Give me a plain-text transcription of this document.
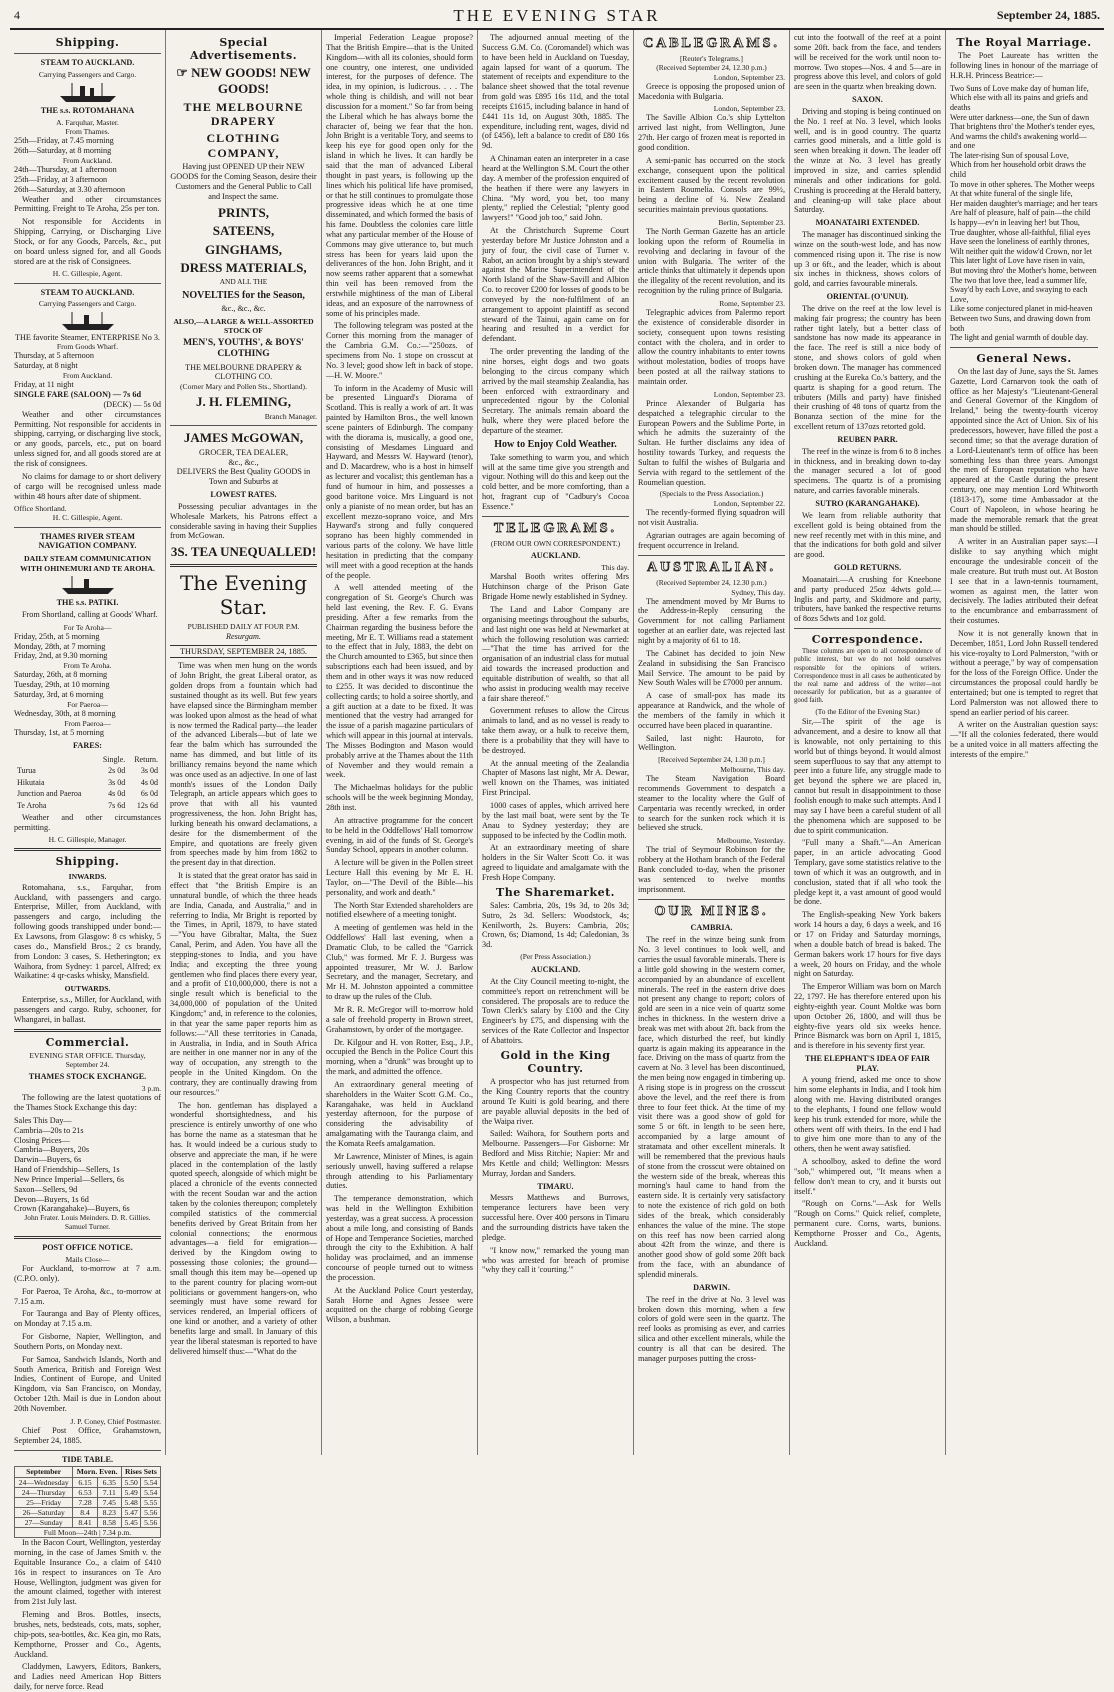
4	THE EVENING STAR	September 24, 1885.
Shipping.
STEAM TO AUCKLAND.
Carrying Passengers and Cargo.
THE s.s. ROTOMAHANA
A. Farquhar, Master.
From Thames.
25th—Friday, at 7.45 morning
26th—Saturday, at 8 morning
From Auckland.
24th—Thursday, at 1 afternoon
25th—Friday, at 3 afternoon
26th—Saturday, at 3.30 afternoon

Weather and other circumstances Permitting. Freight to Te Aroha, 25s per ton.

Not responsible for Accidents in Shipping, Carrying, or Discharging Live Stock, or for any Goods, Parcels, &c., put on board unless signed for, and all Goods stored are at the risk of Consignees.

H. C. Gillespie, Agent.
STEAM TO AUCKLAND.
Carrying Passengers and Cargo.
THE favorite Steamer, ENTERPRISE No 3.
From Goods Wharf.
Thursday, at 5 afternoon
Saturday, at 8 night
From Auckland.
Friday, at 11 night
SINGLE FARE (SALOON) — 7s 6d
(DECK) — 5s 0d

Weather and other circumstances Permitting. Not responsible for accidents in shipping, carrying, or discharging live stock, or any goods, parcels, etc., put on board unless signed for, and all goods stored are at the risk of consignees.

No claims for damage to or short delivery of cargo will be recognised unless made within 48 hours after date of shipment.

Office Shortland.
H. C. Gillespie, Agent.
THAMES RIVER STEAM NAVIGATION COMPANY.
DAILY STEAM COMMUNICATION WITH OHINEMURI AND TE AROHA.
THE s.s. PATIKI.

From Shortland, calling at Goods' Wharf.

For Te Aroha—
Friday, 25th, at 5 morning
Monday, 28th, at 7 morning
Friday, 2nd, at 9.30 morning
From Te Aroha.
Saturday, 26th, at 8 morning
Tuesday, 29th, at 10 morning
Saturday, 3rd, at 6 morning
For Paeroa—
Wednesday, 30th, at 8 morning
From Paeroa—
Thursday, 1st, at 5 morning
FARES:
	Single.	Return.
Turua	2s 0d	3s 0d
Hikutaia	3s 0d	4s 0d
Junction and Paeroa	4s 0d	6s 0d
Te Aroha	7s 6d	12s 6d

Weather and other circumstances permitting.

H. C. Gillespie, Manager.
Shipping.
INWARDS.

Rotomahana, s.s., Farquhar, from Auckland, with passengers and cargo. Enterprise, Miller, from Auckland, with passengers and cargo, including the following goods transhipped under bond:—Ex Lawsons, from Glasgow: 8 cs whisky, 5 cases do., Mansfield Bros.; 2 cs brandy, from London: 3 cases, S. Hetherington; ex Waihora, from Sydney: 1 parcel, Alfred; ex Waikatine: 4 qr-casks whisky, Mansfield.

OUTWARDS.

Enterprise, s.s., Miller, for Auckland, with passengers and cargo. Ruby, schooner, for Whangarei, in ballast.

Commercial.
EVENING STAR OFFICE. Thursday, September 24.
THAMES STOCK EXCHANGE.
3 p.m.

The following are the latest quotations of the Thames Stock Exchange this day:

Sales This Day—
Cambria—20s to 21s
Closing Prices—
Cambria—Buyers, 20s
Darwin—Buyers, 6s
Hand of Friendship—Sellers, 1s
New Prince Imperial—Sellers, 6s
Saxon—Sellers, 9d
Devon—Buyers, 1s 6d
Crown (Karangahake)—Buyers, 6s
John Frater. Louis Meinders. D. R. Gillies. Samuel Turner.
POST OFFICE NOTICE.
Mails Close—

For Auckland, to-morrow at 7 a.m. (C.P.O. only).

For Paeroa, Te Aroha, &c., to-morrow at 7.15 a.m.

For Tauranga and Bay of Plenty offices, on Monday at 7.15 a.m.

For Gisborne, Napier, Wellington, and Southern Ports, on Monday next.

For Samoa, Sandwich Islands, North and South America, British and Foreign West Indies, Continent of Europe, and United Kingdom, via San Francisco, on Monday, October 12th. Mail is due in London about 20th November.

J. P. Coney, Chief Postmaster.

Chief Post Office, Grahamstown, September 24, 1885.

TIDE TABLE.
September	Morn. Even.		Rises Sets	
24—Wednesday	6.15	6.35	5.50	5.54
24—Thursday	6.53	7.11	5.49	5.54
25—Friday	7.28	7.45	5.48	5.55
26—Saturday	8.4	8.23	5.47	5.56
27—Sunday	8.41	8.58	5.45	5.56
Full Moon—24th | 7.34 p.m.				

In the Bacon Court, Wellington, yesterday morning, in the case of James Smith v. the Equitable Insurance Co., a claim of £410 16s in respect to insurances on Te Aro House, Wellington, judgment was given for the amount claimed, together with interest from 21st July last.

Fleming and Bros. Bottles, insects, brushes, nets, bedsteads, cots, mats, sopher, chip-pots, sea-bottles, &c. Kea gin, mo Rats, Kempthorne, Prosser and Co., Agents, Auckland.

Claddymen, Lawyers, Editors, Bankers, and Ladies need American Hop Bitters daily, for nerve force. Read

Special Advertisements.
☞ NEW GOODS! NEW GOODS!
THE MELBOURNE DRAPERY
CLOTHING COMPANY,
Having just OPENED UP their NEW
GOODS for the Coming Season, desire their Customers and the General Public to Call and Inspect the same.
PRINTS,
SATEENS,
GINGHAMS,
DRESS MATERIALS,
AND ALL THE
NOVELTIES for the Season,
&c., &c., &c.
ALSO,—A LARGE & WELL-ASSORTED STOCK OF
MEN'S, YOUTHS', & BOYS' CLOTHING
THE MELBOURNE DRAPERY & CLOTHING CO.
(Corner Mary and Pollen Sts., Shortland).
J. H. FLEMING,
Branch Manager.
JAMES McGOWAN,
GROCER, TEA DEALER,
&c., &c.,
DELIVERS the Best Quality GOODS in Town and Suburbs at
LOWEST RATES.

Possessing peculiar advantages in the Wholesale Markets, his Patrons effect a considerable saving in having their Supplies from McGowan.

3S. TEA UNEQUALLED!
The Evening Star.
PUBLISHED DAILY AT FOUR P.M.
Resurgam.
THURSDAY, SEPTEMBER 24, 1885.

Time was when men hung on the words of John Bright, the great Liberal orator, as golden drops from a fountain which had sustained thought as its well. But few years have elapsed since the Birmingham member was looked upon almost as the head of what is now termed the Radical party—the leader of the advanced Liberals—but of late we fear the balm which has surrounded the name has dimmed, and but little of its brilliancy remains beyond the name which was once used as an adjective. In one of last month's issues of the London Daily Telegraph, an article appears which goes to prove that with all his vaunted progressiveness, the hon. John Bright has, lurking beneath his onward declamations, a desire for the dismemberment of the Empire, and quotations are freely given from speeches made by him from 1862 to the present day in that direction.

It is stated that the great orator has said in effect that "the British Empire is an unnatural bundle, of which the three heads are India, Canada, and Australia," and in referring to India, Mr Bright is reported by the Times, in April, 1879, to have stated—"You have Gibraltar, Malta, the Suez Canal, Perim, and Aden. You have all the stepping-stones to India, and you have India; and excepting the three young gentlemen who find places there every year, and a profit of £10,000,000, there is not a single result which is beneficial to the 34,000,000 of population of the United Kingdom;" and, in reference to the colonies, in that year the same paper reports him as follows:—"All these territories in Canada, in Australia, in India, and in South Africa are neither in one manner nor in any of the way of occupation, any strength to the people in the United Kingdom. On the contrary, they are continually drawing from our resources."

The hon. gentleman has displayed a wonderful shortsightedness, and his prescience is entirely unworthy of one who has borne the name as a statesman that he has. It would indeed be a curious study to observe and appreciate the man, if he were placed in the contemplation of the lastly quoted speech, alongside of which might be placed a chronicle of the events connected with the recent Soudan war and the action taken by the colonies thereupon; completely compiled statistics of the commercial benefits derived by Great Britain from her colonial connections; the enormous advantages—a field for emigration—derived by the Kingdom owing to possessing those colonies; the ground—small though this item may be—opened up to the parent country for placing worn-out politicians or government hangers-on, who seemingly must have some reward for services rendered, an Imperial officers of one kind or another, and a variety of other benefits large and small. In January of this year the liberal statesman is reported to have delivered himself thus:—"What do the

Imperial Federation League propose? That the British Empire—that is the United Kingdom—with all its colonies, should form one country, one interest, one undivided interest, for the purposes of defence. The idea, in my opinion, is ludicrous. . . . The whole thing is childish, and will not bear discussion for a moment." So far from being the Liberal which he has always borne the character of, being we fear that the hon. John Bright is a veritable Tory, and seems to keep his eye for good open only for the island in which he lives. It can hardly be said that the man of advanced Liberal thought in past years, is following up the lines which his political life have promised, or that he still continues to promulgate those progressive ideas which he at one time disseminated, and which formed the basis of his fame. Doubtless the colonies care little what any particular member of the House of Commons may give utterance to, but much stress has been for years laid upon the deliverances of the hon. John Bright, and it now seems rather apparent that a somewhat thin veil has been removed from the erstwhile mightiness of the man of Liberal ideas, and an exposure of the narrowness of some of his principles made.

The following telegram was posted at the Corner this morning from the manager of the Cambria G.M. Co.:—"250ozs. of specimens from No. 1 stope on crosscut at No. 3 level; good show left in back of stope.—H. W. Moore."

To inform in the Academy of Music will be presented Linguard's Diorama of Scotland. This is really a work of art. It was painted by Hamilton Bros., the well known scene painters of Edinburgh. The company with the diorama is, musically, a good one, consisting of Mesdames Linguard and Hayward, and Messrs W. Hayward (tenor), and D. Macardrew, who is a host in himself as lecturer and vocalist; this gentleman has a fund of humour in him, and possesses a good baritone voice. Mrs Linguard is not only a pianiste of no mean order, but has an excellent mezzo-soprano voice, and Mrs Hayward's strong and fully conquered soprano has been highly commended in various parts of the colony. We have little hesitation in predicting that the company will meet with a good reception at the hands of the people.

A well attended meeting of the congregation of St. George's Church was held last evening, the Rev. F. G. Evans presiding. After a few remarks from the Chairman regarding the business before the meeting, Mr E. T. Williams read a statement to the effect that in July, 1883, the debt on the Church amounted to £365, but since then subscriptions each had been issued, and by them and in other ways it was now reduced to £255. It was decided to discontinue the collecting cards; to hold a soiree shortly, and a gift auction at a date to be fixed. It was mentioned that the vestry had arranged for the issue of a parish magazine particulars of which will appear in this journal at intervals. The Misses Bodington and Mason would probably arrive at the Thames about the 11th of November and they would remain a week.

The Michaelmas holidays for the public schools will be the week beginning Monday, 28th inst.

An attractive programme for the concert to be held in the Oddfellows' Hall tomorrow evening, in aid of the funds of St. George's Sunday School, appears in another column.

A lecture will be given in the Pollen street Lecture Hall this evening by Mr E. H. Taylor, on—"The Devil of the Bible—his personality, and work and death."

The North Star Extended shareholders are notified elsewhere of a meeting tonight.

A meeting of gentlemen was held in the Oddfellows' Hall last evening, when a Dramatic Club, to be called the "Garrick Club," was formed. Mr F. J. Burgess was appointed treasurer, Mr W. J. Barlow Secretary, and the manager, Secretary, and Mr H. M. Johnston appointed a committee to draw up the rules of the Club.

Mr R. R. McGregor will to-morrow hold a sale of freehold property in Brown street, Grahamstown, by order of the mortgagee.

Dr. Kilgour and H. von Rotter, Esq., J.P., occupied the Bench in the Police Court this morning, when a "drunk" was brought up to the mark, and admitted the offence.

An extraordinary general meeting of shareholders in the Waiter Scott G.M. Co., Karangahake, was held in Auckland yesterday afternoon, for the purpose of considering the advisability of amalgamating with the Tauranga claim, and the Komata Reefs amalgamation.

Mr Lawrence, Minister of Mines, is again seriously unwell, having suffered a relapse through attending to his Parliamentary duties.

The temperance demonstration, which was held in the Wellington Exhibition yesterday, was a great success. A procession about a mile long, and consisting of Bands of Hope and Temperance Societies, marched through the city to the Exhibition. A half holiday was proclaimed, and an immense concourse of people turned out to witness the procession.

At the Auckland Police Court yesterday, Sarah Horne and Agnes Jessee were acquitted on the charge of robbing George Wilson, a bushman.

The adjourned annual meeting of the Success G.M. Co. (Coromandel) which was to have been held in Auckland on Tuesday, again lapsed for want of a quorum. The statement of receipts and expenditure to the balance sheet showed that the total revenue from gold was £895 16s 11d, and the total receipts £1615, including balance in hand of £441 11s 1d, on August 30th, 1885. The expenditure, including rent, wages, divid nd (of £456), left a balance to credit of £80 16s 9d.

A Chinaman eaten an interpreter in a case heard at the Wellington S.M. Court the other day. A member of the profession enquired of the heathen if there were any lawyers in China. "My word, you bet, too many plenty," replied the Celestial; "plenty good lawyers!" "Good job too," said John.

At the Christchurch Supreme Court yesterday before Mr Justice Johnston and a jury of four, the civil case of Turner v. Rabot, an action brought by a ship's steward against the Marine Superintendent of the North Island of the Shaw-Savill and Albion Co. to recover £200 for losses of goods to be conveyed by the non-fulfilment of an arrangement to appoint plaintiff as second steward of the Tainui, again came on for hearing and resulted in a verdict for defendant.

The order preventing the landing of the nine horses, eight dogs and two goats belonging to the circus company which arrived by the mail steamship Zealandia, has been enforced with extraordinary and unprecedented rigour by the Colonial Secretary. The animals remain aboard the hulk, where they were placed before the departure of the steamer.

How to Enjoy Cold Weather.

Take something to warm you, and which will at the same time give you strength and vigour. Nothing will do this and keep out the cold better, and be more comforting, than a hot, fragrant cup of "Cadbury's Cocoa Essence."

TELEGRAMS.
(FROM OUR OWN CORRESPONDENT.)
AUCKLAND.
This day.

Marshal Booth writes offering Mrs Hutchinson charge of the Prison Gate Brigade Home newly established in Sydney.

The Land and Labor Company are organising meetings throughout the suburbs, and last night one was held at Newmarket at which the following resolution was carried:—"That the time has arrived for the organisation of an industrial class for mutual aid towards the increased production and equitable distribution of wealth, so that all who assist in producing wealth may receive a fair share thereof."

Government refuses to allow the Circus animals to land, and as no vessel is ready to take them away, or a hulk to receive them, there is a probability that they will have to be destroyed.

At the annual meeting of the Zealandia Chapter of Masons last night, Mr A. Dewar, well known on the Thames, was initiated First Principal.

1000 cases of apples, which arrived here by the last mail boat, were sent by the Te Anau to Sydney yesterday; they are supposed to be infected by the Codlin moth.

At an extraordinary meeting of share holders in the Sir Walter Scott Co. it was agreed to liquidate and amalgamate with the Fresh Hope Company.

The Sharemarket.

Sales: Cambria, 20s, 19s 3d, to 20s 3d; Sutro, 2s 3d. Sellers: Woodstock, 4s; Kenilworth, 2s. Buyers: Cambria, 20s; Crown, 6s; Diamond, 1s 4d; Caledonian, 3s 3d.

(Per Press Association.)
AUCKLAND.

At the City Council meeting to-night, the committee's report on retrenchment will be considered. The proposals are to reduce the Town Clerk's salary by £100 and the City Engineer's by £75, and dispensing with the services of the Rate Collector and Inspector of Abattoirs.

Gold in the King Country.

A prospector who has just returned from the King Country reports that the country around Te Kuiti is gold bearing, and there are payable alluvial deposits in the bed of the Waipa river.

Sailed: Waihora, for Southern ports and Melbourne. Passengers—For Gisborne: Mr Bedford and Miss Ritchie; Napier: Mr and Mrs Kettle and child; Wellington: Messrs Murray, Jordan and Sanders.

TIMARU.

Messrs Matthews and Burrows, temperance lecturers have been very successful here. Over 400 persons in Timaru and the surrounding districts have taken the pledge.

"I know now," remarked the young man who was arrested for breach of promise "why they call it 'courting.'"

CABLEGRAMS.
[Reuter's Telegrams.]
(Received September 24, 12.30 p.m.)
London, September 23.

Greece is opposing the proposed union of Macedonia with Bulgaria.

London, September 23.

The Saville Albion Co.'s ship Lyttelton arrived last night, from Wellington, June 27th. Her cargo of frozen meat is reported in good condition.

A semi-panic has occurred on the stock exchange, consequent upon the political excitement caused by the recent revolution in Eastern Roumelia. Consols are 99½, being a decline of ¼. New Zealand securities maintain previous quotations.

Berlin, September 23.

The North German Gazette has an article looking upon the reform of Roumelia in revolving and declaring in favour of the union with Bulgaria. The writer of the article thinks that ultimately it depends upon the illegality of the recent revolution, and its recognition by the ruling prince of Bulgaria.

Rome, September 23.

Telegraphic advices from Palermo report the existence of considerable disorder in society, consequent upon towns resisting contact with the cholera, and in order to allow the country inhabitants to enter towns without molestation, bodies of troops have been posted at all the railway stations to maintain order.

London, September 23.

Prince Alexander of Bulgaria has despatched a telegraphic circular to the European Powers and the Sublime Porte, in which he admits the suzerainty of the Sultan. He further disclaims any idea of hostility towards Turkey, and requests the Sultan to fulfil the wishes of Bulgaria and Servia with regard to the settlement of the Roumelian question.

(Specials to the Press Association.)
London, September 22.

The recently-formed flying squadron will not visit Australia.

Agrarian outrages are again becoming of frequent occurrence in Ireland.

AUSTRALIAN.
(Received September 24, 12.30 p.m.)
Sydney, This day.

The amendment moved by Mr Burns to the Address-in-Reply censuring the Government for not calling Parliament together at an earlier date, was rejected last night by a majority of 61 to 18.

The Cabinet has decided to join New Zealand in subsidising the San Francisco Mail Service. The amount to be paid by New South Wales will be £7000 per annum.

A case of small-pox has made its appearance at Randwick, and the whole of the members of the family in which it occurred have been placed in quarantine.

Sailed, last night: Hauroto, for Wellington.

[Received September 24, 1.30 p.m.]
Melbourne, This day.

The Steam Navigation Board recommends Government to despatch a steamer to the locality where the Gulf of Carpentaria was recently wrecked, in order to search for the sunken rock which it is believed she struck.

Melbourne, Yesterday.

The trial of Seymour Robinson for the robbery at the Hotham branch of the Federal Bank concluded to-day, when the prisoner was sentenced to twelve months imprisonment.

OUR MINES.
CAMBRIA.

The reef in the winze being sunk from No. 3 level continues to look well, and carries the usual favorable minerals. There is a little gold showing in the western corner, accompanied by an abundance of excellent minerals. The reef in the eastern drive does not present any change to report; colors of gold are seen in a nice vein of quartz some inches in thickness. In the western drive a break was met with about 2ft. back from the face, which disturbed the reef, but kindly quartz is again making its appearance in the face. Driving on the mass of quartz from the cavern at No. 3 level has been discontinued, the men being now engaged in timbering up. A rising stope is in progress on the crosscut above the level, and the reef there is from three to four feet thick. At the time of my visit there was a good show of gold for some 5 or 6ft. in length to be seen here, accompanied by a large amount of stratamata and other excellent minerals. It will be remembered that the previous hauls of stone from the crosscut were obtained on the western side of the break, whereas this morning's haul came to hand from the eastern side. It is certainly very satisfactory to note the existence of rich gold on both sides of the break, which considerably enhances the value of the mine. The stope on this reef has now been carried along about 42ft from the winze, and there is another good show of gold some 20ft back from the face, with an abundance of splendid minerals.

DARWIN.

The reef in the drive at No. 3 level was broken down this morning, when a few colors of gold were seen in the quartz. The reef looks as promising as ever, and carries silica and other excellent minerals, while the country is all that can be desired. The manager purposes putting the cross-

cut into the footwall of the reef at a point some 20ft. back from the face, and tenders will be received for the work until noon to-morrow. Two stopes—Nos. 4 and 5—are in progress above this level, and colors of gold are seen in the quartz when breaking down.

SAXON.

Driving and stoping is being continued on the No. 1 reef at No. 3 level, which looks well, and is in good country. The quartz carries good minerals, and a little gold is seen when breaking it down. The leader off the winze at No. 3 level has greatly improved in size, and carries splendid minerals and other indications for gold. Crushing is proceeding at the Herald battery, and cleaning-up will take place about Saturday.

MOANATAIRI EXTENDED.

The manager has discontinued sinking the winze on the south-west lode, and has now commenced rising upon it. The rise is now up 3 or 6ft., and the leader, which is about six inches in thickness, shows colors of gold, and carries favourable minerals.

ORIENTAL (O'UNUI).

The drive on the reef at the low level is making fair progress; the country has been rather tight lately, but a better class of sandstone has now made its appearance in the face. The reef is still a nice body of stone, and shows colors of gold when broken down. The manager has commenced crushing at the Eureka Co.'s battery, and the quartz is shaping for a good return. The tributers (Mills and party) have finished their crushing of 48 tons of quartz from the Bonanza section of the mine for the excellent return of 137ozs retorted gold.

REUBEN PARR.

The reef in the winze is from 6 to 8 inches in thickness, and in breaking down to-day the manager secured a lot of good specimens. The quartz is of a promising nature, and carries favorable minerals.

SUTRO (KARANGAHAKE).

We learn from reliable authority that excellent gold is being obtained from the new reef recently met with in this mine, and that the indications for both gold and silver are good.

GOLD RETURNS.

Moanatairi.—A crushing for Kneebone and party produced 25oz 4dwts gold.—Inglis and party, and Skidmore and party, tributers, have banked the respective returns of 8ozs 5dwts and 1oz gold.

Correspondence.

These columns are open to all correspondence of public interest, but we do not hold ourselves responsible for the opinions of writers. Correspondence must in all cases be authenticated by the real name and address of the writer—not necessarily for publication, but as a guarantee of good faith.

(To the Editor of the Evening Star.)

Sir,—The spirit of the age is advancement, and a desire to know all that is knowable, not only pertaining to this world but of things beyond. It would almost seem superfluous to say that any attempt to peer into a future life, any struggle made to get beyond the sphere we are placed in, cannot but result in disappointment to those foolish enough to make such attempts. And I may say I have been a careful student of all the phenomena which are supposed to be due to spirit communication.

"Full many a Shaft."—An American paper, in an article advocating Good Templary, gave some statistics relative to the town of which it was an outgrowth, and in conclusion, stated that if all who took the pledge kept it, a vast amount of good would be done.

The English-speaking New York bakers work 14 hours a day, 6 days a week, and 16 or 17 on Friday and Saturday mornings, when a double batch of bread is baked. The German bakers work 17 hours for five days a week, 20 hours on Friday, and the whole night on Saturday.

The Emperor William was born on March 22, 1797. He has therefore entered upon his eighty-eighth year. Count Moltke was born upon October 26, 1800, and will thus be eighty-five years old six weeks hence. Prince Bismarck was born on April 1, 1815, and is therefore in his seventy first year.

THE ELEPHANT'S IDEA OF FAIR PLAY.

A young friend, asked me once to show him some elephants in India, and I took him along with me. Having distributed oranges to the elephants, I found one fellow would keep his trunk extended for more, while the others went off with theirs. In the end I had to give him one more than to any of the others, then he went away satisfied.

A schoolboy, asked to define the word "sob," whimpered out, "It means when a fellow don't mean to cry, and it bursts out itself."

"Rough on Corns."—Ask for Wells "Rough on Corns." Quick relief, complete, permanent cure. Corns, warts, bunions. Kempthorne Prosser and Co., Agents, Auckland.

The Royal Marriage.

The Poet Laureate has written the following lines in honour of the marriage of H.R.H. Princess Beatrice:—

Two Suns of Love make day of human life,
Which else with all its pains and griefs and deaths
Were utter darkness—one, the Sun of dawn
That brightens thro' the Mother's tender eyes,
And warms the child's awakening world—and one
The later-rising Sun of spousal Love,
Which from her household orbit draws the child
To move in other spheres. The Mother weeps
At that white funeral of the single life,
Her maiden daughter's marriage; and her tears
Are half of pleasure, half of pain—the child
Is happy—ev'n in leaving her! but Thou,
True daughter, whose all-faithful, filial eyes
Have seen the loneliness of earthly thrones,
Wilt neither quit the widow'd Crown, nor let
This later light of Love have risen in vain,
But moving thro' the Mother's home, between
The two that love thee, lead a summer life,
Sway'd by each Love, and swaying to each Love,
Like some conjectured planet in mid-heaven
Between two Suns, and drawing down from both
The light and genial warmth of double day.
General News.

On the last day of June, says the St. James Gazette, Lord Carnarvon took the oath of office as her Majesty's "Lieutenant-General and General Governor of the Kingdom of Ireland," being the twenty-fourth viceroy appointed since the Act of Union. Six of his predecessors, however, have filled the post a second time; so that the average duration of a Lord-Lieutenant's term of office has been something less than three years. Amongst the men of European reputation who have appeared at the Castle during the present century, one may mention Lord Whitworth (1813-17), some time Ambassador at the Court of Napoleon, in whose hearing he made the memorable remark that the great man should be stilled.

A writer in an Australian paper says:—I dislike to say anything which might encourage the undesirable conceit of the male creature. But truth must out. At Boston I see that in a lawn-tennis tournament, women as against men, the latter won decisively. The ladies attributed their defeat to the encumbrance and embarrassment of their costumes.

Now it is not generally known that in December, 1851, Lord John Russell tendered his vice-royalty to Lord Palmerston, "with or without a peerage," by way of compensation for the loss of the Foreign Office. Under the circumstances the proposal could hardly be entertained; but one is tempted to regret that Lord Palmerston was not allowed there to spend an earlier period of his career.

A writer on the Australian question says:—"If all the colonies federated, there would be a united voice in all matters affecting the interests of the empire."
